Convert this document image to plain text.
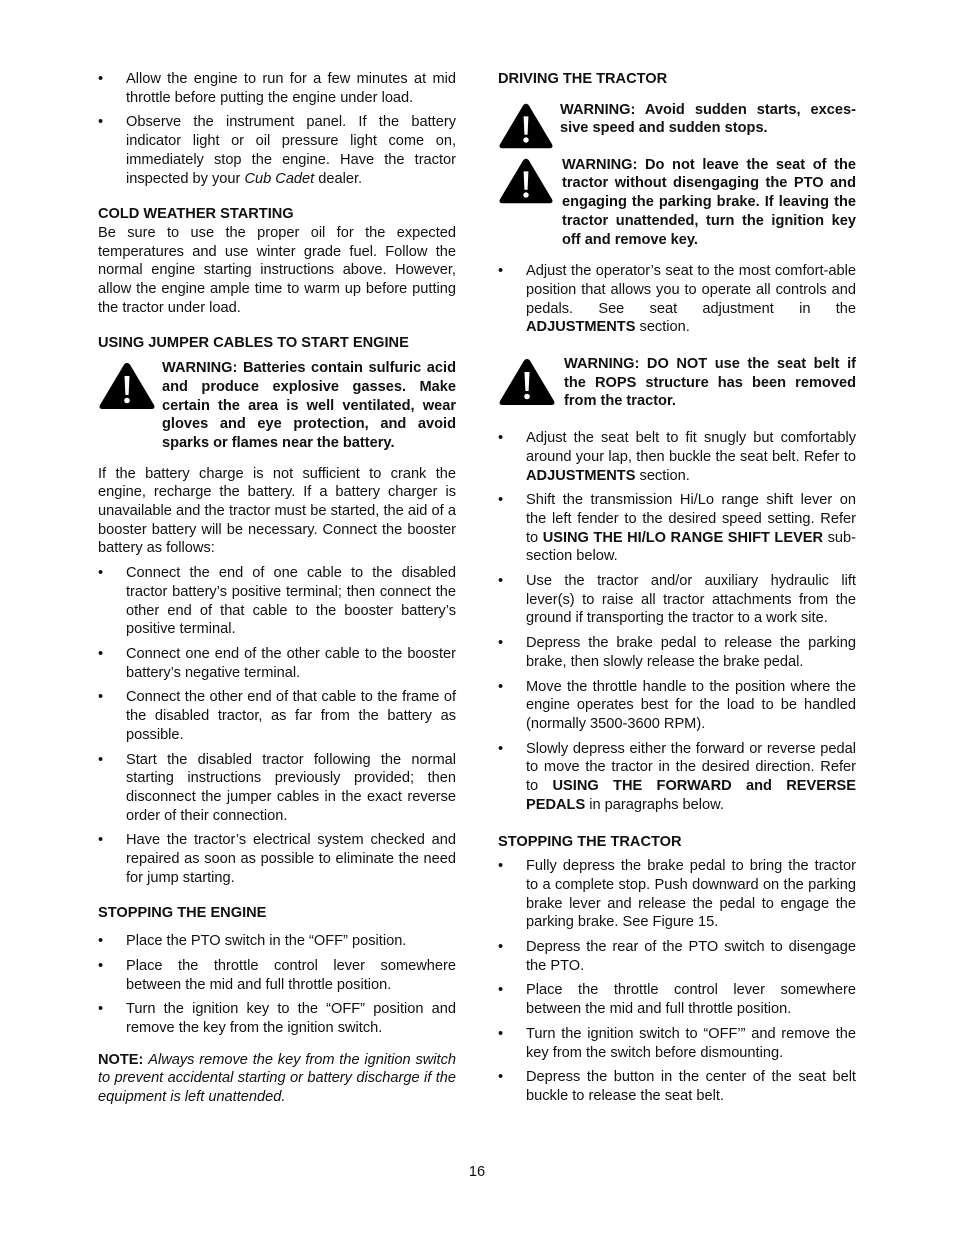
• Allow the engine to run for a few minutes at mid throttle before putting the engine under load.
• Observe the instrument panel. If the battery indicator light or oil pressure light come on, immediately stop the engine. Have the tractor inspected by your Cub Cadet dealer.
COLD WEATHER STARTING

Be sure to use the proper oil for the expected temperatures and use winter grade fuel. Follow the normal engine starting instructions above. However, allow the engine ample time to warm up before putting the tractor under load.

USING JUMPER CABLES TO START ENGINE
WARNING: Batteries contain sulfuric acid and produce explosive gasses. Make certain the area is well ventilated, wear gloves and eye protection, and avoid sparks or flames near the battery.

If the battery charge is not sufficient to crank the engine, recharge the battery. If a battery charger is unavailable and the tractor must be started, the aid of a booster battery will be necessary. Connect the booster battery as follows:

• Connect the end of one cable to the disabled tractor battery’s positive terminal; then connect the other end of that cable to the booster battery’s positive terminal.
• Connect one end of the other cable to the booster battery’s negative terminal.
• Connect the other end of that cable to the frame of the disabled tractor, as far from the battery as possible.
• Start the disabled tractor following the normal starting instructions previously provided; then disconnect the jumper cables in the exact reverse order of their connection.
• Have the tractor’s electrical system checked and repaired as soon as possible to eliminate the need for jump starting.
STOPPING THE ENGINE
• Place the PTO switch in the “OFF” position.
• Place the throttle control lever somewhere between the mid and full throttle position.
• Turn the ignition key to the “OFF” position and remove the key from the ignition switch.

NOTE: Always remove the key from the ignition switch to prevent accidental starting or battery discharge if the equipment is left unattended.

DRIVING THE TRACTOR
WARNING: Avoid sudden starts, exces-sive speed and sudden stops.
WARNING: Do not leave the seat of the tractor without disengaging the PTO and engaging the parking brake. If leaving the tractor unattended, turn the ignition key off and remove key.
• Adjust the operator’s seat to the most comfort-able position that allows you to operate all controls and pedals. See seat adjustment in the ADJUSTMENTS section.
WARNING: DO NOT use the seat belt if the ROPS structure has been removed from the tractor.
• Adjust the seat belt to fit snugly but comfortably around your lap, then buckle the seat belt. Refer to ADJUSTMENTS section.
• Shift the transmission Hi/Lo range shift lever on the left fender to the desired speed setting. Refer to USING THE HI/LO RANGE SHIFT LEVER sub-section below.
• Use the tractor and/or auxiliary hydraulic lift lever(s) to raise all tractor attachments from the ground if transporting the tractor to a work site.
• Depress the brake pedal to release the parking brake, then slowly release the brake pedal.
• Move the throttle handle to the position where the engine operates best for the load to be handled (normally 3500-3600 RPM).
• Slowly depress either the forward or reverse pedal to move the tractor in the desired direction. Refer to USING THE FORWARD and REVERSE PEDALS in paragraphs below.
STOPPING THE TRACTOR
• Fully depress the brake pedal to bring the tractor to a complete stop. Push downward on the parking brake lever and release the pedal to engage the parking brake. See Figure 15.
• Depress the rear of the PTO switch to disengage the PTO.
• Place the throttle control lever somewhere between the mid and full throttle position.
• Turn the ignition switch to “OFF’” and remove the key from the switch before dismounting.
• Depress the button in the center of the seat belt buckle to release the seat belt.
16
